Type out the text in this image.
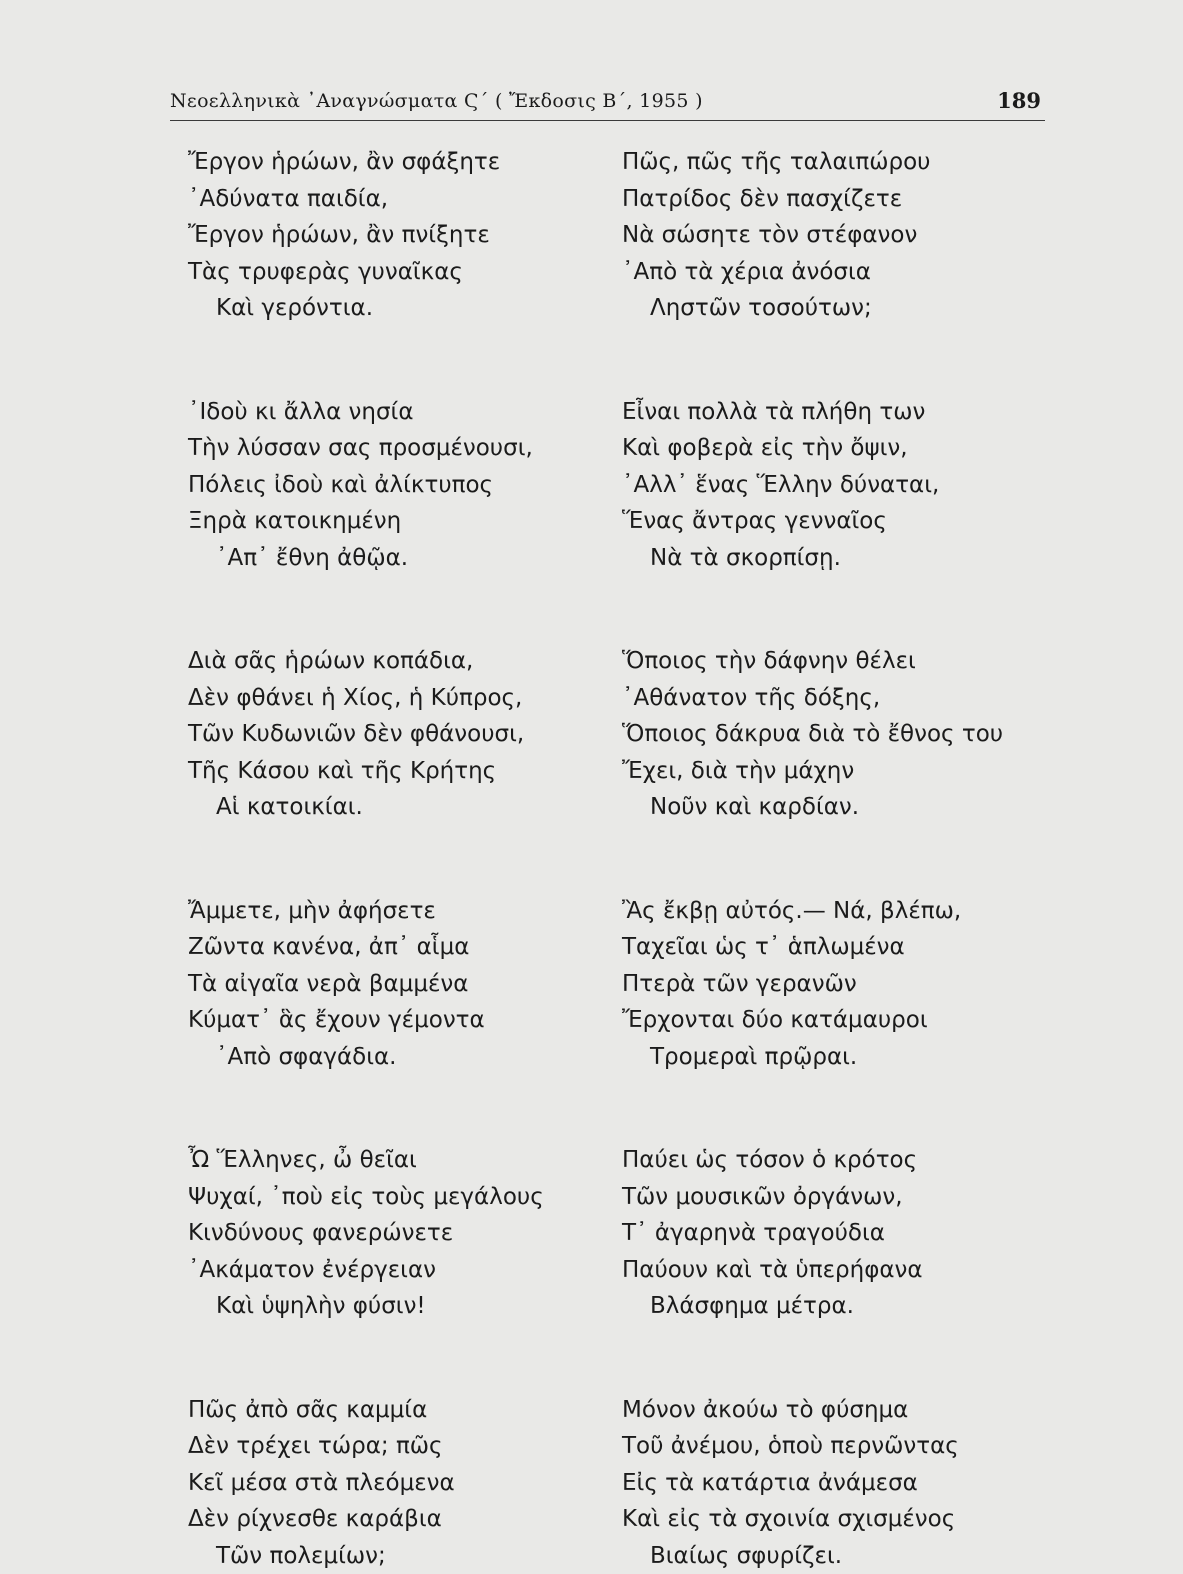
Νεοελληνικὰ ᾿Αναγνώσματα Ϛ´ ( Ἔκδοσις Β´, 1955 )	189
Ἔργον ἡρώων, ἂν σφάξητε
᾿Αδύνατα παιδία,
Ἔργον ἡρώων, ἂν πνίξητε
Τὰς τρυφερὰς γυναῖκας
Καὶ γερόντια.
᾿Ιδοὺ κι ἄλλα νησία
Τὴν λύσσαν σας προσμένουσι,
Πόλεις ἰδοὺ καὶ ἀλίκτυπος
Ξηρὰ κατοικημένη
᾿Απ᾿ ἔθνη ἀθῷα.
Διὰ σᾶς ἡρώων κοπάδια,
Δὲν φθάνει ἡ Χίος, ἡ Κύπρος,
Τῶν Κυδωνιῶν δὲν φθάνουσι,
Τῆς Κάσου καὶ τῆς Κρήτης
Αἱ κατοικίαι.
Ἄμμετε, μὴν ἀφήσετε
Ζῶντα κανένα, ἀπ᾿ αἷμα
Τὰ αἰγαῖα νερὰ βαμμένα
Κύματ᾿ ἃς ἔχουν γέμοντα
᾿Απὸ σφαγάδια.
Ὦ Ἕλληνες, ὦ θεῖαι
Ψυχαί, ᾿ποὺ εἰς τοὺς μεγάλους
Κινδύνους φανερώνετε
᾿Ακάματον ἐνέργειαν
Καὶ ὑψηλὴν φύσιν!
Πῶς ἀπὸ σᾶς καμμία
Δὲν τρέχει τώρα; πῶς
Κεῖ μέσα στὰ πλεόμενα
Δὲν ρίχνεσθε καράβια
Τῶν πολεμίων;
Πῶς, πῶς τῆς ταλαιπώρου
Πατρίδος δὲν πασχίζετε
Νὰ σώσητε τὸν στέφανον
᾿Απὸ τὰ χέρια ἀνόσια
Ληστῶν τοσούτων;
Εἶναι πολλὰ τὰ πλήθη των
Καὶ φοβερὰ εἰς τὴν ὄψιν,
᾿Αλλ᾿ ἕνας Ἕλλην δύναται,
Ἕνας ἄντρας γενναῖος
Νὰ τὰ σκορπίσῃ.
Ὅποιος τὴν δάφνην θέλει
᾿Αθάνατον τῆς δόξης,
Ὅποιος δάκρυα διὰ τὸ ἔθνος του
Ἔχει, διὰ τὴν μάχην
Νοῦν καὶ καρδίαν.
Ἂς ἔκβῃ αὐτός.— Νά, βλέπω,
Ταχεῖαι ὡς τ᾿ ἁπλωμένα
Πτερὰ τῶν γερανῶν
Ἔρχονται δύο κατάμαυροι
Τρομεραὶ πρῷραι.
Παύει ὡς τόσον ὁ κρότος
Τῶν μουσικῶν ὀργάνων,
Τ᾿ ἀγαρηνὰ τραγούδια
Παύουν καὶ τὰ ὑπερήφανα
Βλάσφημα μέτρα.
Μόνον ἀκούω τὸ φύσημα
Τοῦ ἀνέμου, ὁποὺ περνῶντας
Εἰς τὰ κατάρτια ἀνάμεσα
Καὶ εἰς τὰ σχοινία σχισμένος
Βιαίως σφυρίζει.
